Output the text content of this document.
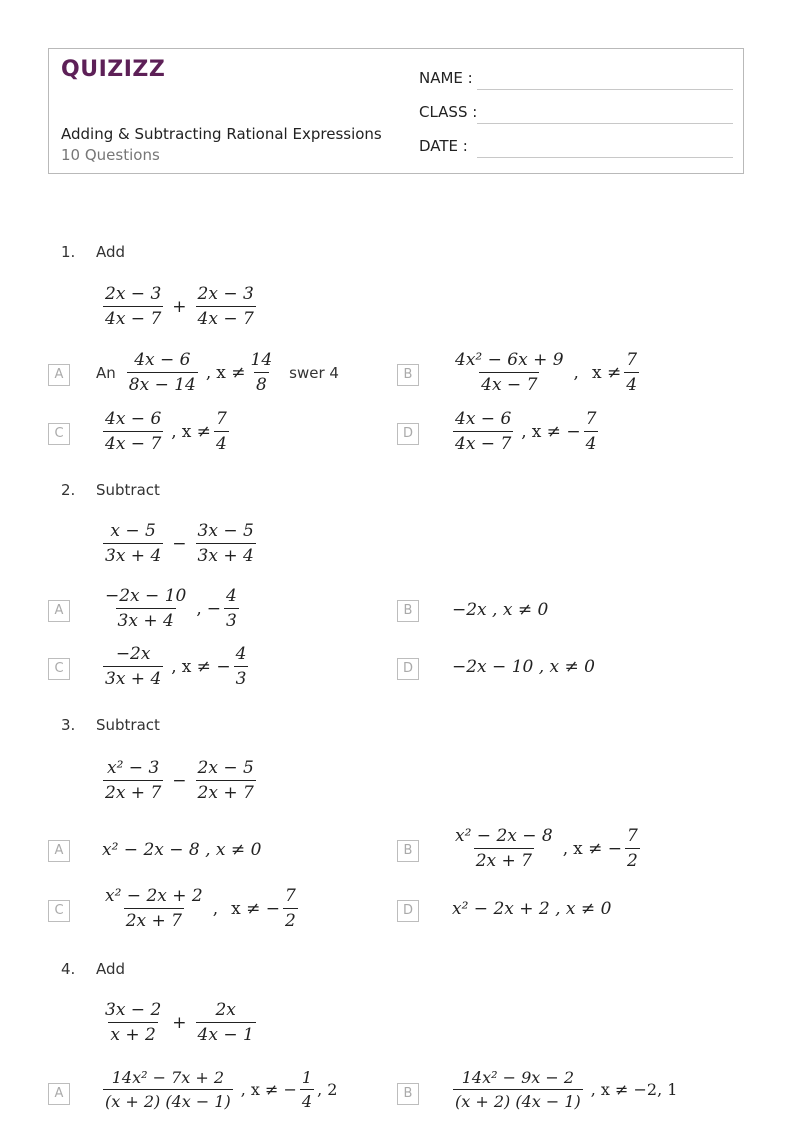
QUIZIZZ
Adding & Subtracting Rational Expressions
10 Questions
NAME :
CLASS :
DATE :
1. Add
$\frac{2x - 3}{4x - 7} + \frac{2x - 3}{4x - 7}$
A	An $\frac{4x - 6}{8x - 14}$ , $x \ne \frac{14}{8}$ swer 4	B	$\frac{\text{4x² − 6x + 9}}{4x - 7}$ , $x \ne \frac{7}{4}$
C	$\frac{4x - 6}{4x - 7}$ , $x \ne \frac{7}{4}$	D	$\frac{4x - 6}{4x - 7}$ , x ≠ − $\frac{7}{4}$
2. Subtract
$\frac{x - 5}{3x + 4} - \frac{3x - 5}{3x + 4}$
A	$\frac{-2x - 10}{3x + 4}$ , − $\frac{4}{3}$	B	−2x , x ≠ 0
C	$\frac{-2x}{3x + 4}$ , x ≠ − $\frac{4}{3}$	D	−2x − 10 , x ≠ 0
3. Subtract
$\frac{\text{x² − 3}}{2x + 7} - \frac{2x - 5}{2x + 7}$
A	x² − 2x − 8 , x ≠ 0	B	$\frac{\text{x² − 2x − 8}}{2x + 7}$ , x ≠ − $\frac{7}{2}$
C	$\frac{\text{x² − 2x + 2}}{2x + 7}$ , x ≠ − $\frac{7}{2}$	D	x² − 2x + 2 , x ≠ 0
4. Add
$\frac{3x - 2}{x + 2} + \frac{2x}{4x - 1}$
A	$\frac{\text{14x² − 7x + 2}}{(x + 2) (4x - 1)}$ , x ≠ − $\frac{1}{4}$ , 2	B	$\frac{\text{14x² − 9x − 2}}{(x + 2) (4x - 1)}$ , x ≠ −2, 1
